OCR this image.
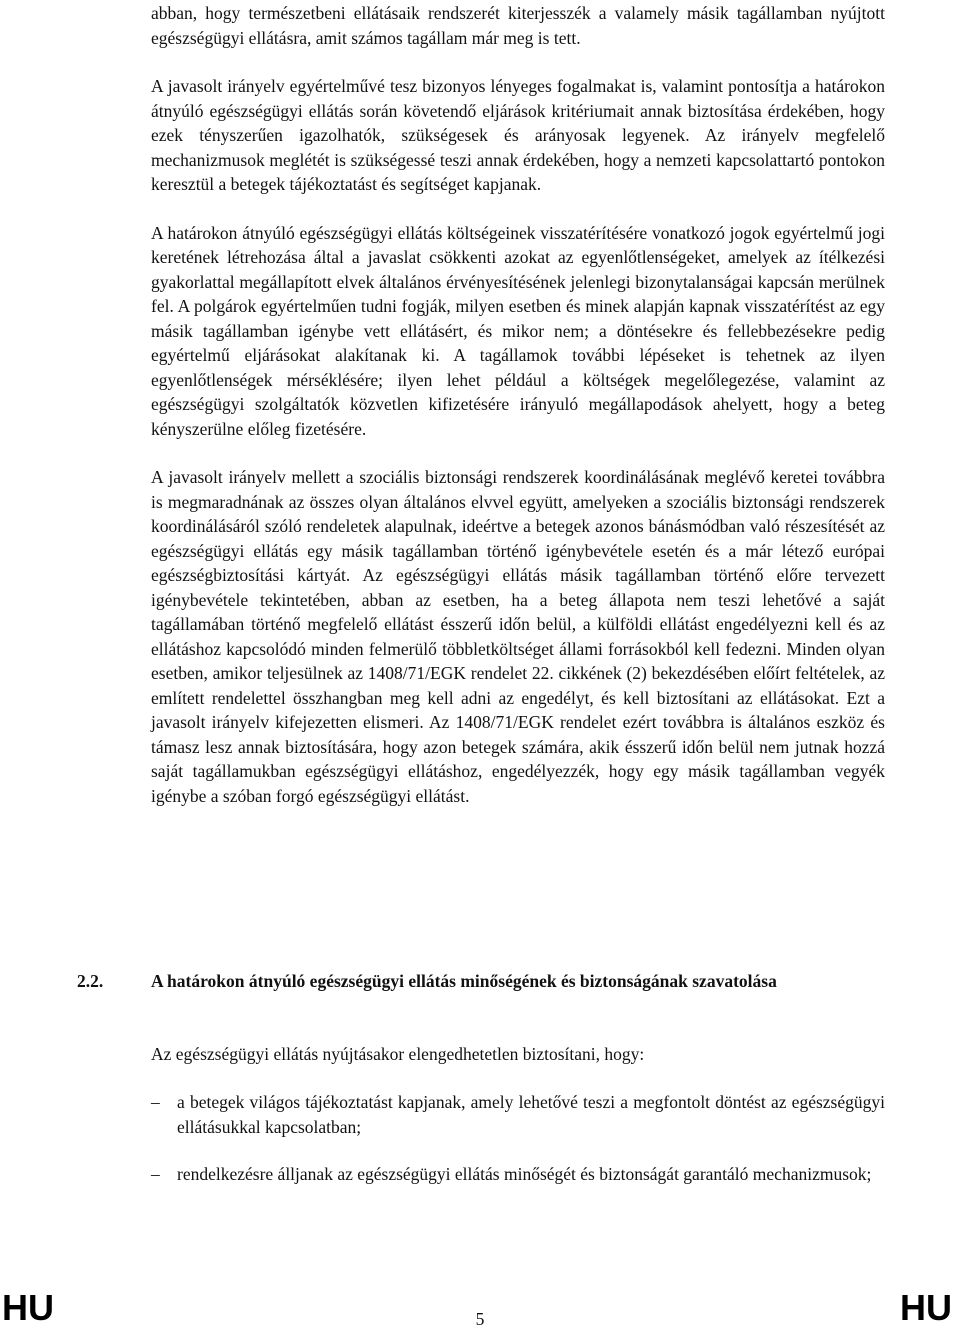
abban, hogy természetbeni ellátásaik rendszerét kiterjesszék a valamely másik tagállamban nyújtott egészségügyi ellátásra, amit számos tagállam már meg is tett.

A javasolt irányelv egyértelművé tesz bizonyos lényeges fogalmakat is, valamint pontosítja a határokon átnyúló egészségügyi ellátás során követendő eljárások kritériumait annak biztosítása érdekében, hogy ezek tényszerűen igazolhatók, szükségesek és arányosak legyenek. Az irányelv megfelelő mechanizmusok meglétét is szükségessé teszi annak érdekében, hogy a nemzeti kapcsolattartó pontokon keresztül a betegek tájékoztatást és segítséget kapjanak.

A határokon átnyúló egészségügyi ellátás költségeinek visszatérítésére vonatkozó jogok egyértelmű jogi keretének létrehozása által a javaslat csökkenti azokat az egyenlőtlenségeket, amelyek az ítélkezési gyakorlattal megállapított elvek általános érvényesítésének jelenlegi bizonytalanságai kapcsán merülnek fel. A polgárok egyértelműen tudni fogják, milyen esetben és minek alapján kapnak visszatérítést az egy másik tagállamban igénybe vett ellátásért, és mikor nem; a döntésekre és fellebbezésekre pedig egyértelmű eljárásokat alakítanak ki. A tagállamok további lépéseket is tehetnek az ilyen egyenlőtlenségek mérséklésére; ilyen lehet például a költségek megelőlegezése, valamint az egészségügyi szolgáltatók közvetlen kifizetésére irányuló megállapodások ahelyett, hogy a beteg kényszerülne előleg fizetésére.

A javasolt irányelv mellett a szociális biztonsági rendszerek koordinálásának meglévő keretei továbbra is megmaradnának az összes olyan általános elvvel együtt, amelyeken a szociális biztonsági rendszerek koordinálásáról szóló rendeletek alapulnak, ideértve a betegek azonos bánásmódban való részesítését az egészségügyi ellátás egy másik tagállamban történő igénybevétele esetén és a már létező európai egészségbiztosítási kártyát. Az egészségügyi ellátás másik tagállamban történő előre tervezett igénybevétele tekintetében, abban az esetben, ha a beteg állapota nem teszi lehetővé a saját tagállamában történő megfelelő ellátást ésszerű időn belül, a külföldi ellátást engedélyezni kell és az ellátáshoz kapcsolódó minden felmerülő többletköltséget állami forrásokból kell fedezni. Minden olyan esetben, amikor teljesülnek az 1408/71/EGK rendelet 22. cikkének (2) bekezdésében előírt feltételek, az említett rendelettel összhangban meg kell adni az engedélyt, és kell biztosítani az ellátásokat. Ezt a javasolt irányelv kifejezetten elismeri. Az 1408/71/EGK rendelet ezért továbbra is általános eszköz és támasz lesz annak biztosítására, hogy azon betegek számára, akik ésszerű időn belül nem jutnak hozzá saját tagállamukban egészségügyi ellátáshoz, engedélyezzék, hogy egy másik tagállamban vegyék igénybe a szóban forgó egészségügyi ellátást.

2.2.	A határokon átnyúló egészségügyi ellátás minőségének és biztonságának szavatolása

Az egészségügyi ellátás nyújtásakor elengedhetetlen biztosítani, hogy:

– a betegek világos tájékoztatást kapjanak, amely lehetővé teszi a megfontolt döntést az egészségügyi ellátásukkal kapcsolatban;

– rendelkezésre álljanak az egészségügyi ellátás minőségét és biztonságát garantáló mechanizmusok;

HU	5	HU
